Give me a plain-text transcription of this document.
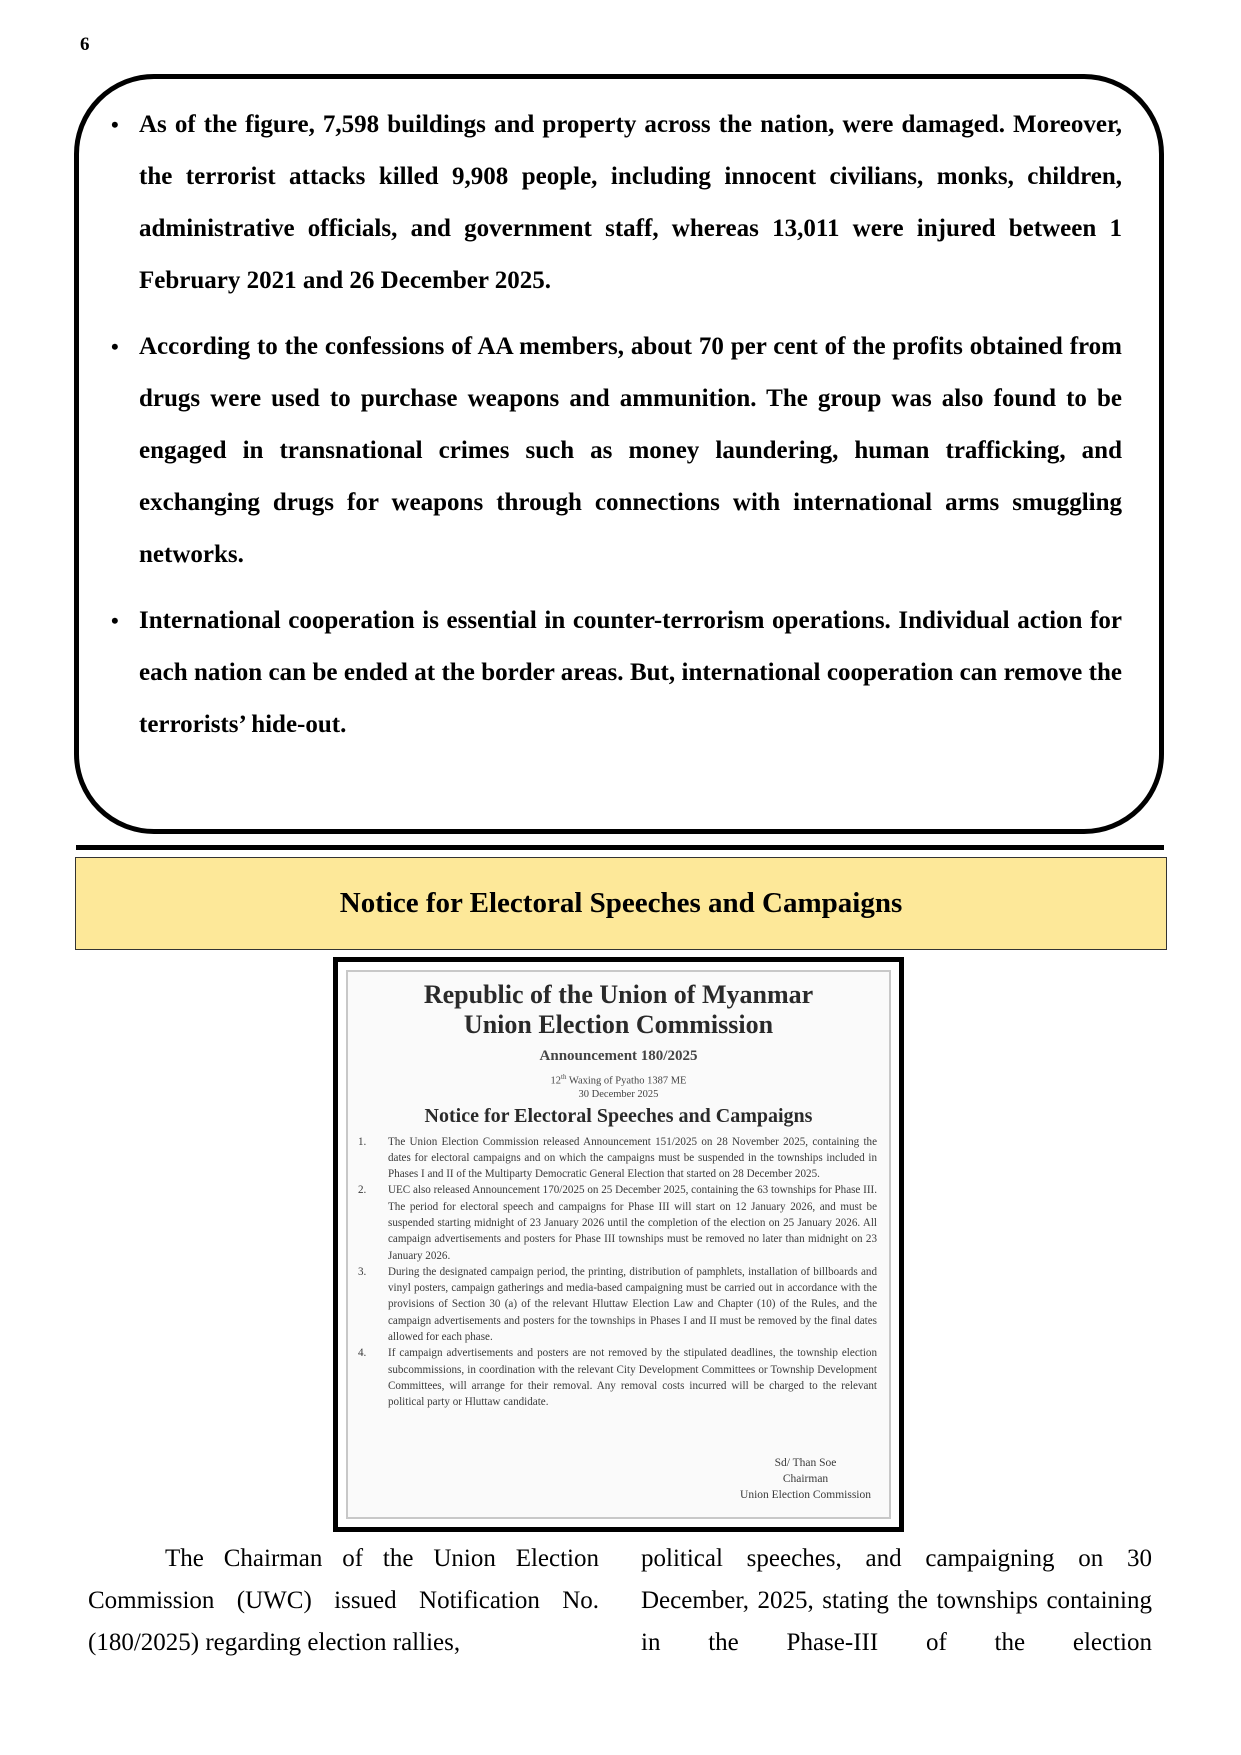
6
• As of the figure, 7,598 buildings and property across the nation, were damaged. Moreover, the terrorist attacks killed 9,908 people, including innocent civilians, monks, children, administrative officials, and government staff, whereas 13,011 were injured between 1 February 2021 and 26 December 2025.
• According to the confessions of AA members, about 70 per cent of the profits obtained from drugs were used to purchase weapons and ammunition. The group was also found to be engaged in transnational crimes such as money laundering, human trafficking, and exchanging drugs for weapons through connections with international arms smuggling networks.
• International cooperation is essential in counter-terrorism operations. Individual action for each nation can be ended at the border areas. But, international cooperation can remove the terrorists’ hide-out.
Notice for Electoral Speeches and Campaigns
Republic of the Union of Myanmar
Union Election Commission
Announcement 180/2025
12th Waxing of Pyatho 1387 ME
30 December 2025
Notice for Electoral Speeches and Campaigns
1. The Union Election Commission released Announcement 151/2025 on 28 November 2025, containing the dates for electoral campaigns and on which the campaigns must be suspended in the townships included in Phases I and II of the Multiparty Democratic General Election that started on 28 December 2025.
2. UEC also released Announcement 170/2025 on 25 December 2025, containing the 63 townships for Phase III. The period for electoral speech and campaigns for Phase III will start on 12 January 2026, and must be suspended starting midnight of 23 January 2026 until the completion of the election on 25 January 2026. All campaign advertisements and posters for Phase III townships must be removed no later than midnight on 23 January 2026.
3. During the designated campaign period, the printing, distribution of pamphlets, installation of billboards and vinyl posters, campaign gatherings and media-based campaigning must be carried out in accordance with the provisions of Section 30 (a) of the relevant Hluttaw Election Law and Chapter (10) of the Rules, and the campaign advertisements and posters for the townships in Phases I and II must be removed by the final dates allowed for each phase.
4. If campaign advertisements and posters are not removed by the stipulated deadlines, the township election subcommissions, in coordination with the relevant City Development Committees or Township Development Committees, will arrange for their removal. Any removal costs incurred will be charged to the relevant political party or Hluttaw candidate.
Sd/ Than Soe
Chairman
Union Election Commission
The Chairman of the Union Election Commission (UWC) issued Notification No. (180/2025) regarding election rallies,
political speeches, and campaigning on 30 December, 2025, stating the townships containing in the Phase-III of the election
